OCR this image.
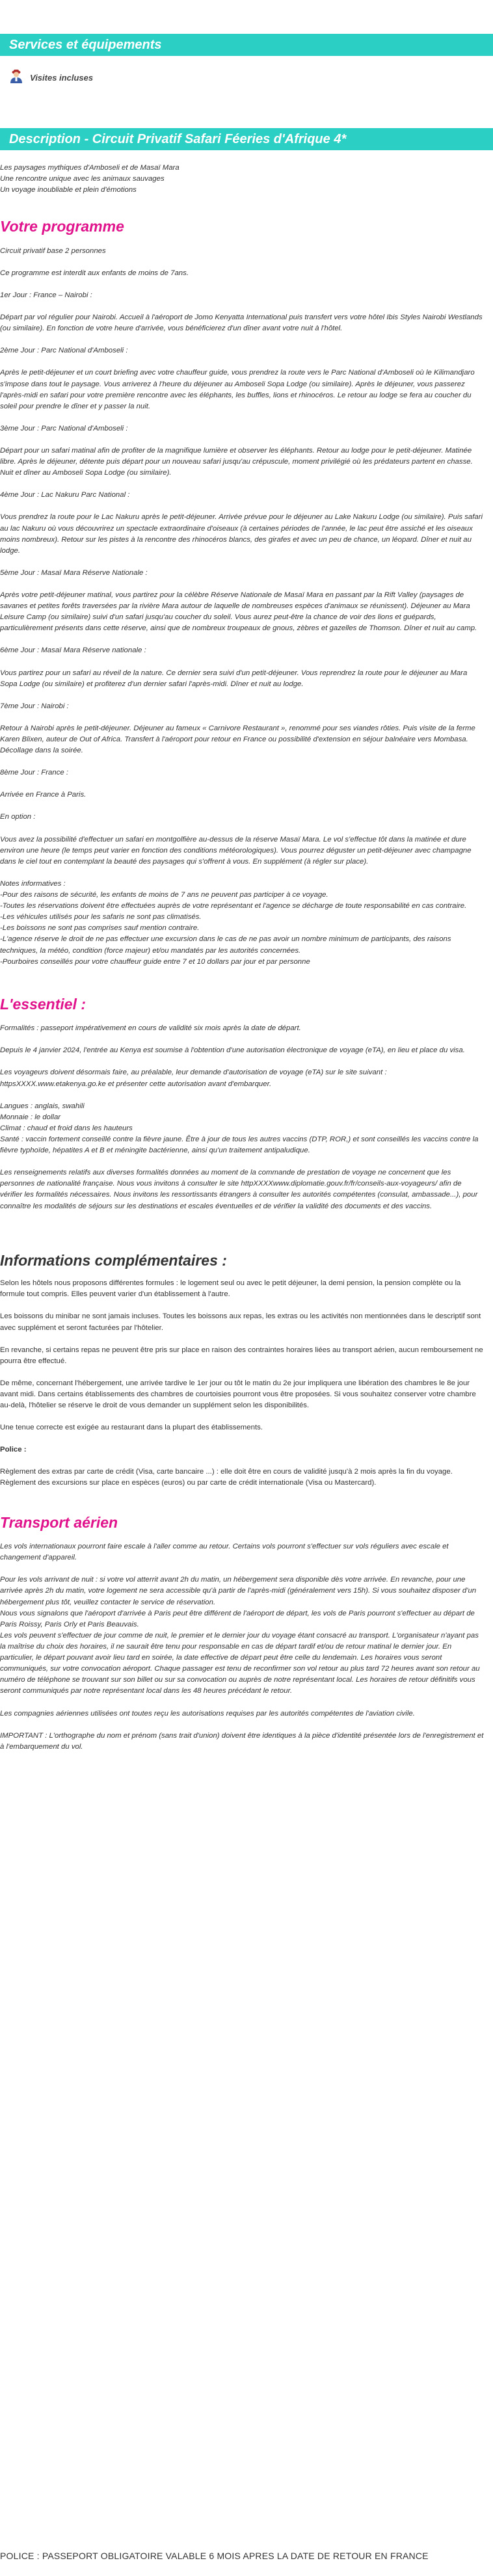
Services et équipements
Visites incluses
Description - Circuit Privatif Safari Féeries d'Afrique 4*

Les paysages mythiques d'Amboseli et de Masaï Mara

Une rencontre unique avec les animaux sauvages

Un voyage inoubliable et plein d'émotions

Votre programme

Circuit privatif base 2 personnes

Ce programme est interdit aux enfants de moins de 7ans.

1er Jour : France – Nairobi :

Départ par vol régulier pour Nairobi. Accueil à l'aéroport de Jomo Kenyatta International puis transfert vers votre hôtel Ibis Styles Nairobi Westlands (ou similaire). En fonction de votre heure d'arrivée, vous bénéficierez d'un dîner avant votre nuit à l'hôtel.

2ème Jour : Parc National d'Amboseli :

Après le petit-déjeuner et un court briefing avec votre chauffeur guide, vous prendrez la route vers le Parc National d'Amboseli où le Kilimandjaro s'impose dans tout le paysage. Vous arriverez à l'heure du déjeuner au Amboseli Sopa Lodge (ou similaire). Après le déjeuner, vous passerez l'après-midi en safari pour votre première rencontre avec les éléphants, les buffles, lions et rhinocéros. Le retour au lodge se fera au coucher du soleil pour prendre le dîner et y passer la nuit.

3ème Jour : Parc National d'Amboseli :

Départ pour un safari matinal afin de profiter de la magnifique lumière et observer les éléphants. Retour au lodge pour le petit-déjeuner. Matinée libre. Après le déjeuner, détente puis départ pour un nouveau safari jusqu'au crépuscule, moment privilégié où les prédateurs partent en chasse. Nuit et dîner au Amboseli Sopa Lodge (ou similaire).

4ème Jour : Lac Nakuru Parc National :

Vous prendrez la route pour le Lac Nakuru après le petit-déjeuner. Arrivée prévue pour le déjeuner au Lake Nakuru Lodge (ou similaire). Puis safari au lac Nakuru où vous découvrirez un spectacle extraordinaire d'oiseaux (à certaines périodes de l'année, le lac peut être assiché et les oiseaux moins nombreux). Retour sur les pistes à la rencontre des rhinocéros blancs, des girafes et avec un peu de chance, un léopard. Dîner et nuit au lodge.

5ème Jour : Masaï Mara Réserve Nationale :

Après votre petit-déjeuner matinal, vous partirez pour la célèbre Réserve Nationale de Masaï Mara en passant par la Rift Valley (paysages de savanes et petites forêts traversées par la rivière Mara autour de laquelle de nombreuses espèces d'animaux se réunissent). Déjeuner au Mara Leisure Camp (ou similaire) suivi d'un safari jusqu'au coucher du soleil. Vous aurez peut-être la chance de voir des lions et guépards, particulièrement présents dans cette réserve, ainsi que de nombreux troupeaux de gnous, zèbres et gazelles de Thomson. Dîner et nuit au camp.

6ème Jour : Masaï Mara Réserve nationale :

Vous partirez pour un safari au réveil de la nature. Ce dernier sera suivi d'un petit-déjeuner. Vous reprendrez la route pour le déjeuner au Mara Sopa Lodge (ou similaire) et profiterez d'un dernier safari l'après-midi. Dîner et nuit au lodge.

7ème Jour : Nairobi :

Retour à Nairobi après le petit-déjeuner. Déjeuner au fameux « Carnivore Restaurant », renommé pour ses viandes rôties. Puis visite de la ferme Karen Blixen, auteur de Out of Africa. Transfert à l'aéroport pour retour en France ou possibilité d'extension en séjour balnéaire vers Mombasa. Décollage dans la soirée.

8ème Jour : France :

Arrivée en France à Paris.

En option :

Vous avez la possibilité d'effectuer un safari en montgolfière au-dessus de la réserve Masaï Mara. Le vol s'effectue tôt dans la matinée et dure environ une heure (le temps peut varier en fonction des conditions météorologiques). Vous pourrez déguster un petit-déjeuner avec champagne dans le ciel tout en contemplant la beauté des paysages qui s'offrent à vous. En supplément (à régler sur place).

Notes informatives :

-Pour des raisons de sécurité, les enfants de moins de 7 ans ne peuvent pas participer à ce voyage.

-Toutes les réservations doivent être effectuées auprès de votre représentant et l'agence se décharge de toute responsabilité en cas contraire.

-Les véhicules utilisés pour les safaris ne sont pas climatisés.

-Les boissons ne sont pas comprises sauf mention contraire.

-L'agence réserve le droit de ne pas effectuer une excursion dans le cas de ne pas avoir un nombre minimum de participants, des raisons techniques, la météo, condition (force majeur) et/ou mandatés par les autorités concernées.

-Pourboires conseillés pour votre chauffeur guide entre 7 et 10 dollars par jour et par personne

L'essentiel :

Formalités : passeport impérativement en cours de validité six mois après la date de départ.

Depuis le 4 janvier 2024, l'entrée au Kenya est soumise à l'obtention d'une autorisation électronique de voyage (eTA), en lieu et place du visa.

Les voyageurs doivent désormais faire, au préalable, leur demande d'autorisation de voyage (eTA) sur le site suivant : httpsXXXX.www.etakenya.go.ke et présenter cette autorisation avant d'embarquer.

Langues : anglais, swahili

Monnaie : le dollar

Climat : chaud et froid dans les hauteurs

Santé : vaccin fortement conseillé contre la fièvre jaune. Être à jour de tous les autres vaccins (DTP, ROR,) et sont conseillés les vaccins contre la fièvre typhoïde, hépatites A et B et méningite bactérienne, ainsi qu'un traitement antipaludique.

Les renseignements relatifs aux diverses formalités données au moment de la commande de prestation de voyage ne concernent que les personnes de nationalité française. Nous vous invitons à consulter le site httpXXXXwww.diplomatie.gouv.fr/fr/conseils-aux-voyageurs/ afin de vérifier les formalités nécessaires. Nous invitons les ressortissants étrangers à consulter les autorités compétentes (consulat, ambassade...), pour connaître les modalités de séjours sur les destinations et escales éventuelles et de vérifier la validité des documents et des vaccins.

Informations complémentaires :

Selon les hôtels nous proposons différentes formules : le logement seul ou avec le petit déjeuner, la demi pension, la pension complète ou la formule tout compris. Elles peuvent varier d'un établissement à l'autre.

Les boissons du minibar ne sont jamais incluses. Toutes les boissons aux repas, les extras ou les activités non mentionnées dans le descriptif sont avec supplément et seront facturées par l'hôtelier.

En revanche, si certains repas ne peuvent être pris sur place en raison des contraintes horaires liées au transport aérien, aucun remboursement ne pourra être effectué.

De même, concernant l'hébergement, une arrivée tardive le 1er jour ou tôt le matin du 2e jour impliquera une libération des chambres le 8e jour avant midi. Dans certains établissements des chambres de courtoisies pourront vous être proposées. Si vous souhaitez conserver votre chambre au-delà, l'hôtelier se réserve le droit de vous demander un supplément selon les disponibilités.

Une tenue correcte est exigée au restaurant dans la plupart des établissements.

Police :

Règlement des extras par carte de crédit (Visa, carte bancaire ...) : elle doit être en cours de validité jusqu'à 2 mois après la fin du voyage.

Règlement des excursions sur place en espèces (euros) ou par carte de crédit internationale (Visa ou Mastercard).

Transport aérien

Les vols internationaux pourront faire escale à l'aller comme au retour. Certains vols pourront s'effectuer sur vols réguliers avec escale et changement d'appareil.

Pour les vols arrivant de nuit : si votre vol atterrit avant 2h du matin, un hébergement sera disponible dès votre arrivée. En revanche, pour une arrivée après 2h du matin, votre logement ne sera accessible qu'à partir de l'après-midi (généralement vers 15h). Si vous souhaitez disposer d'un hébergement plus tôt, veuillez contacter le service de réservation.

Nous vous signalons que l'aéroport d'arrivée à Paris peut être différent de l'aéroport de départ, les vols de Paris pourront s'effectuer au départ de Paris Roissy, Paris Orly et Paris Beauvais.

Les vols peuvent s'effectuer de jour comme de nuit, le premier et le dernier jour du voyage étant consacré au transport. L'organisateur n'ayant pas la maîtrise du choix des horaires, il ne saurait être tenu pour responsable en cas de départ tardif et/ou de retour matinal le dernier jour. En particulier, le départ pouvant avoir lieu tard en soirée, la date effective de départ peut être celle du lendemain. Les horaires vous seront communiqués, sur votre convocation aéroport. Chaque passager est tenu de reconfirmer son vol retour au plus tard 72 heures avant son retour au numéro de téléphone se trouvant sur son billet ou sur sa convocation ou auprès de notre représentant local. Les horaires de retour définitifs vous seront communiqués par notre représentant local dans les 48 heures précédant le retour.

Les compagnies aériennes utilisées ont toutes reçu les autorisations requises par les autorités compétentes de l'aviation civile.

IMPORTANT : L'orthographe du nom et prénom (sans trait d'union) doivent être identiques à la pièce d'identité présentée lors de l'enregistrement et à l'embarquement du vol.

POLICE : PASSEPORT OBLIGATOIRE VALABLE 6 MOIS APRES LA DATE DE RETOUR EN FRANCE
